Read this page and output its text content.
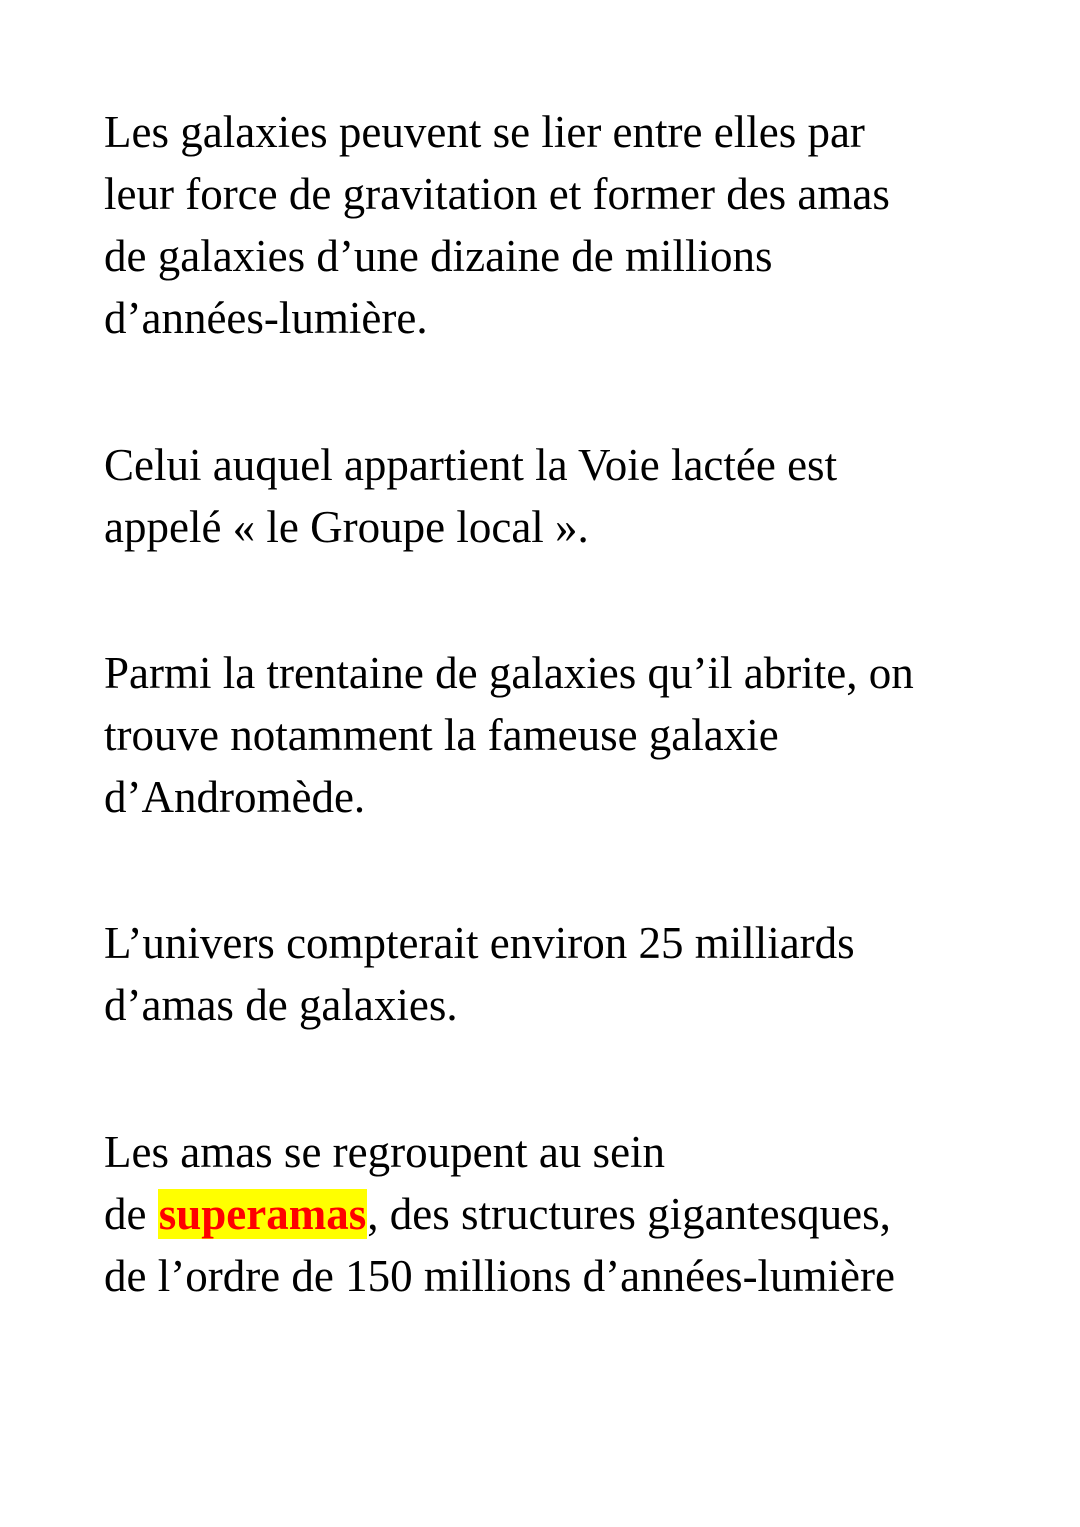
Les galaxies peuvent se lier entre elles par
leur force de gravitation et former des amas
de galaxies d’une dizaine de millions
d’années-lumière.

Celui auquel appartient la Voie lactée est
appelé « le Groupe local ».

Parmi la trentaine de galaxies qu’il abrite, on
trouve notamment la fameuse galaxie
d’Andromède.

L’univers compterait environ 25 milliards
d’amas de galaxies.

Les amas se regroupent au sein
de superamas, des structures gigantesques,
de l’ordre de 150 millions d’années-lumière
